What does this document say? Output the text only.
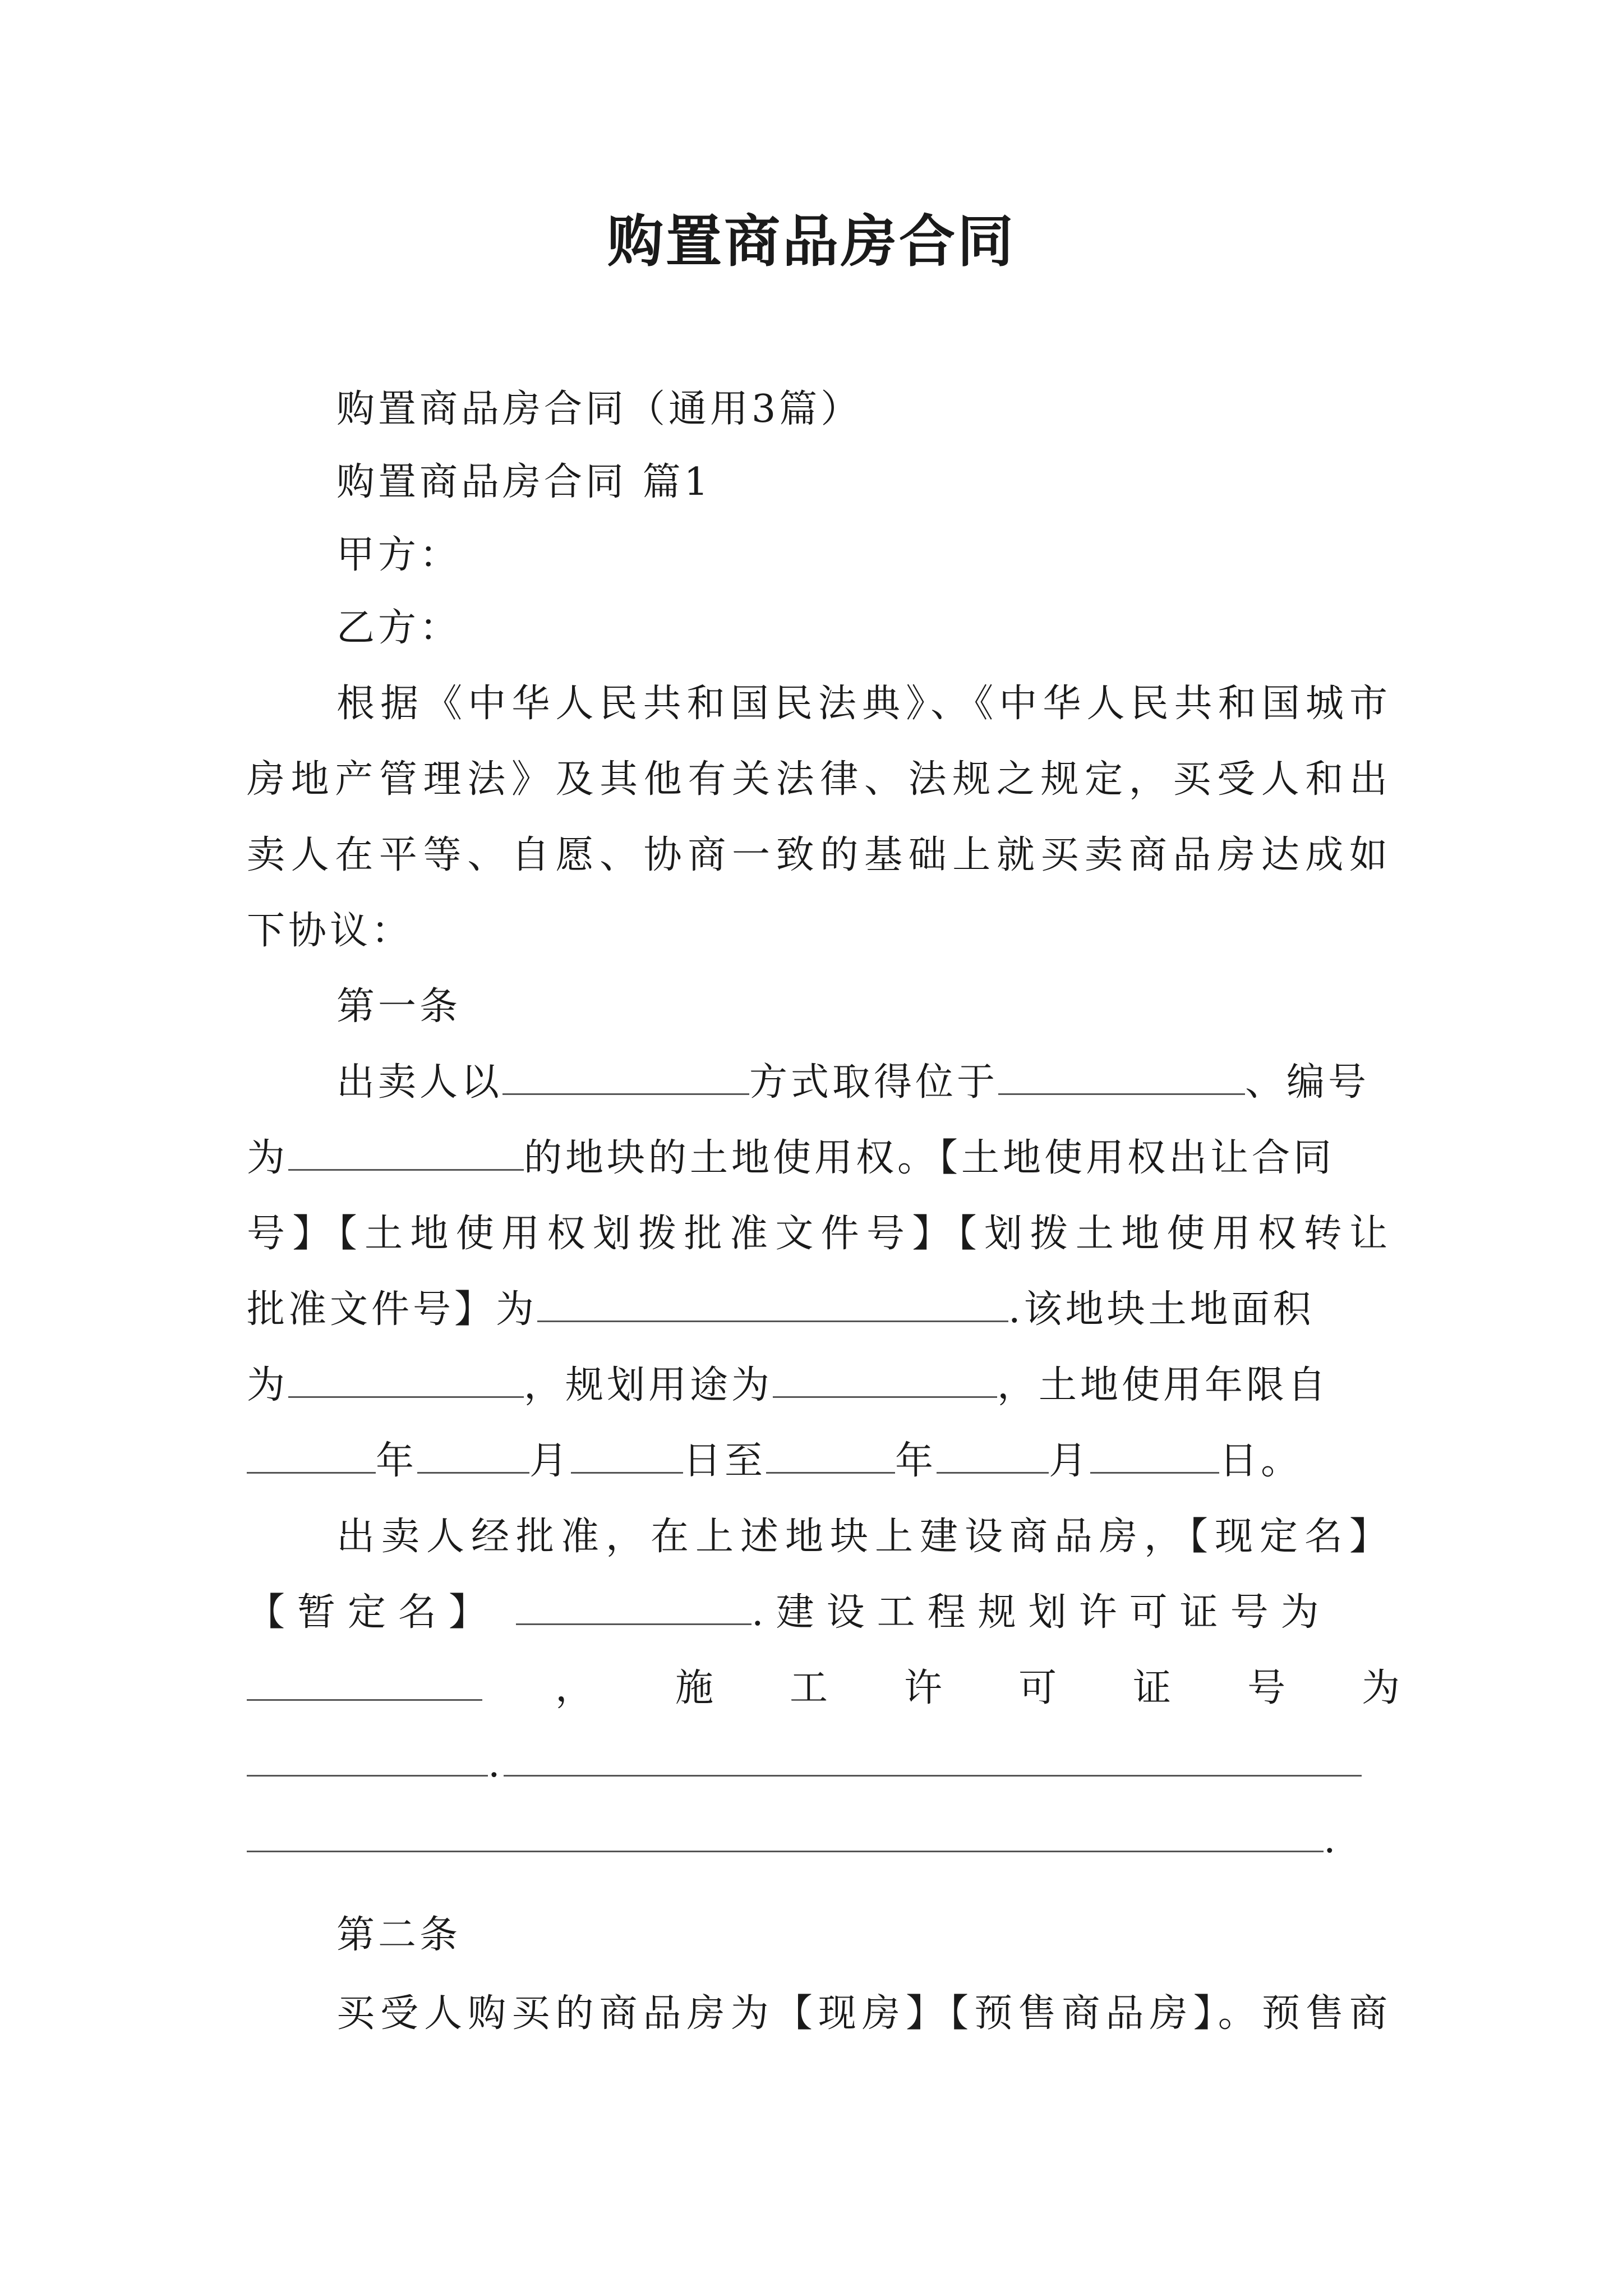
购置商品房合同
购置商品房合同（通用3篇）
购置商品房合同 篇1
甲方：
乙方：
根据《中华人民共和国民法典》、《中华人民共和国城市
房地产管理法》及其他有关法律、法规之规定，买受人和出
卖人在平等、自愿、协商一致的基础上就买卖商品房达成如
下协议：
第一条
出卖人以	方式取得位于	、编号
为	的地块的土地使用权。【土地使用权出让合同
号】【土地使用权划拨批准文件号】【划拨土地使用权转让
批准文件号】为	.该地块土地面积
为	，规划用途为	，土地使用年限自
年	月	日至	年	月	日。
出卖人经批准，在上述地块上建设商品房，【现定名】
【暂定名】	.建设工程规划许可证号为
， 施 工 许 可 证 号 为
.
.
第二条
买受人购买的商品房为【现房】【预售商品房】。预售商
